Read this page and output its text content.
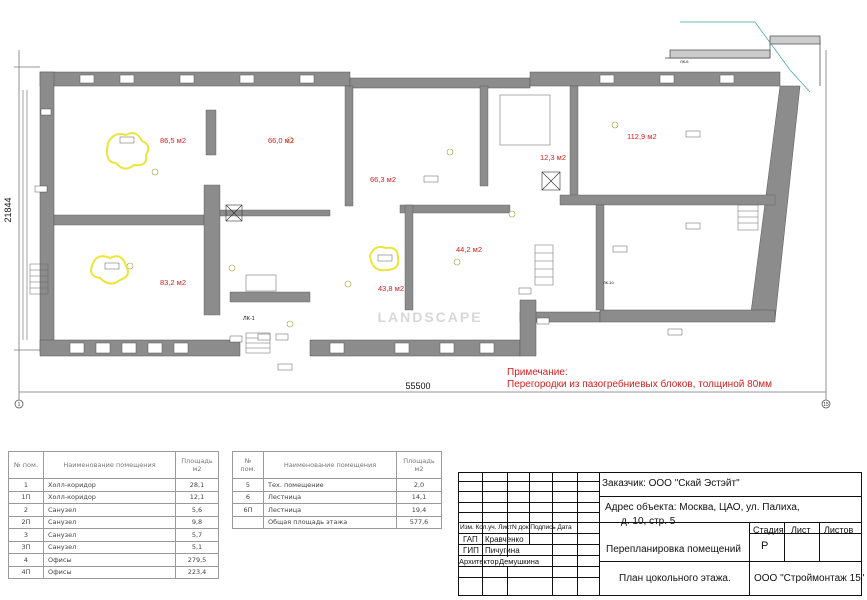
1	15
21844
55500
LANDSCAPE
86,5 м2	66,0 м2
66,3 м2
12,3 м2
112,9 м2
83,2 м2
43,8 м2
44,2 м2
ЛК-1
ЛК-6
ЛК-10
Примечание:
Перегородки из пазогребниевых блоков, толщиной 80мм
№ пом.	Наименование помещения	Площадь м2
1	Холл-коридор	28,1
1П	Холл-коридор	12,1
2	Санузел	5,6
2П	Санузел	9,8
3	Санузел	5,7
3П	Санузел	5,1
4	Офисы	279,5
4П	Офисы	223,4
№ пом.	Наименование помещения	Площадь м2
5	Тех. помещение	2,0
6	Лестница	14,1
6П	Лестница	19,4
	Общая площадь этажа	577,6
Заказчик: ООО "Скай Эстэйт"
Адрес объекта: Москва, ЦАО, ул. Палиха,
д. 10, стр. 5
Изм. Кол.уч. ЛистN док.Подпись Дата
ГАП Кравченко
ГИП Пичугина
Архитектор Демушкина
Перепланировка помещений
Стадия Лист Листов
Р
План цокольного этажа. ООО "Строймонтаж 15"
